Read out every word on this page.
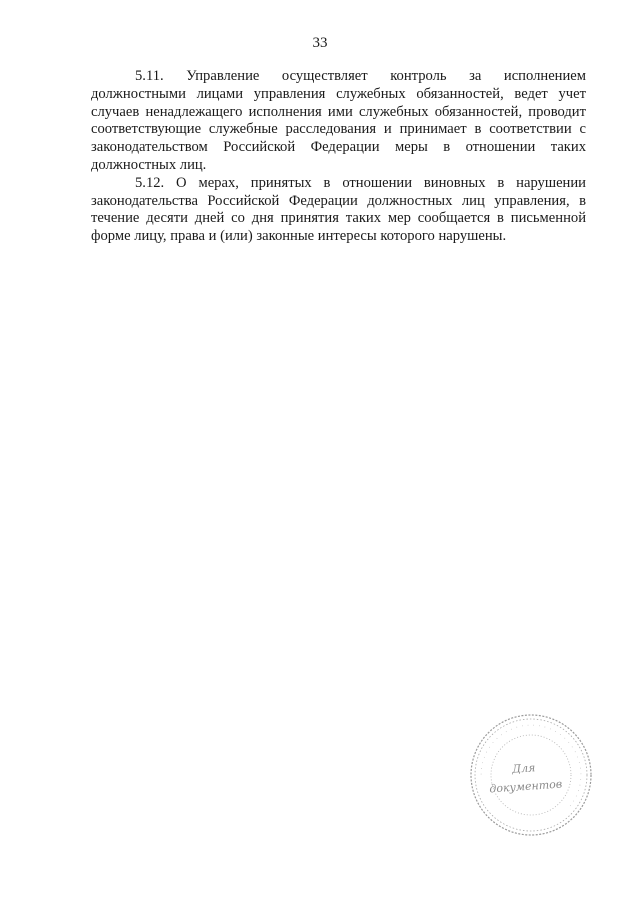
33

5.11. Управление осуществляет контроль за исполнением должностными лицами управления служебных обязанностей, ведет учет случаев ненадлежащего исполнения ими служебных обязанностей, проводит соответствующие служебные расследования и принимает в соответствии с законодательством Российской Федерации меры в отношении таких должностных лиц.

5.12. О мерах, принятых в отношении виновных в нарушении законодательства Российской Федерации должностных лиц управления, в течение десяти дней со дня принятия таких мер сообщается в письменной форме лицу, права и (или) законные интересы которого нарушены.

· · · · · · · · · · · · · · · · · · · · · · · · · · · · · · · · · ·
Для
документов
